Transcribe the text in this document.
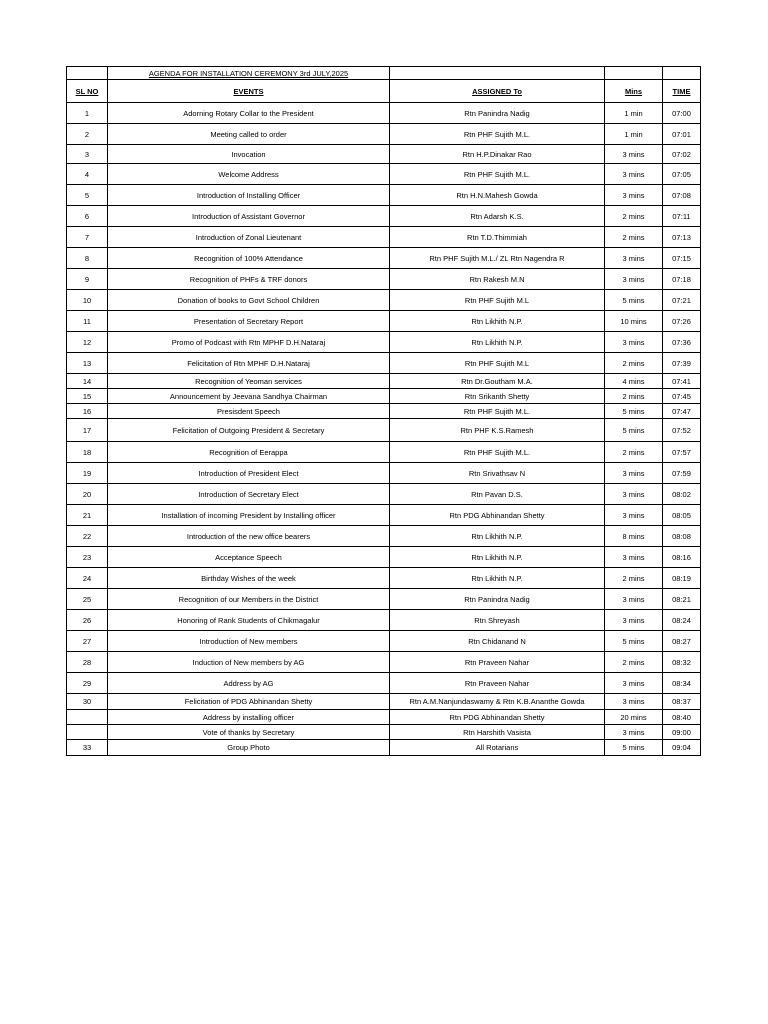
	AGENDA FOR INSTALLATION CEREMONY 3rd JULY,2025			
SL NO	EVENTS	ASSIGNED To	Mins	TIME
1	Adorning Rotary Collar to the President	Rtn Panindra Nadig	1 min	07:00
2	Meeting called to order	Rtn PHF Sujith M.L.	1 min	07:01
3	Invocation	Rtn H.P.Dinakar Rao	3 mins	07:02
4	Welcome Address	Rtn PHF Sujith M.L.	3 mins	07:05
5	Introduction of Installing Officer	Rtn H.N.Mahesh Gowda	3 mins	07:08
6	Introduction of Assistant Governor	Rtn Adarsh K.S.	2 mins	07:11
7	Introduction of Zonal Lieutenant	Rtn T.D.Thimmiah	2 mins	07:13
8	Recognition of 100% Attendance	Rtn PHF Sujith M.L./ ZL Rtn Nagendra R	3 mins	07:15
9	Recognition of PHFs & TRF donors	Rtn Rakesh M.N	3 mins	07:18
10	Donation of books to Govt School Children	Rtn PHF Sujith M.L	5 mins	07:21
11	Presentation of Secretary Report	Rtn Likhith N.P.	10 mins	07:26
12	Promo of Podcast with Rtn MPHF D.H.Nataraj	Rtn Likhith N.P.	3 mins	07:36
13	Felicitation of Rtn MPHF D.H.Nataraj	Rtn PHF Sujith M.L	2 mins	07:39
14	Recognition of Yeoman services	Rtn Dr.Goutham M.A.	4 mins	07:41
15	Announcement by Jeevana Sandhya Chairman	Rtn Srikanth Shetty	2 mins	07:45
16	Presisdent Speech	Rtn PHF Sujith M.L.	5 mins	07:47
17	Felicitation of Outgoing President & Secretary	Rtn PHF K.S.Ramesh	5 mins	07:52
18	Recognition of Eerappa	Rtn PHF Sujith M.L.	2 mins	07:57
19	Introduction of President Elect	Rtn Srivathsav N	3 mins	07:59
20	Introduction of Secretary Elect	Rtn Pavan D.S.	3 mins	08:02
21	Installation of incoming President by Installing officer	Rtn PDG Abhinandan Shetty	3 mins	08:05
22	Introduction of the new office bearers	Rtn Likhith N.P.	8 mins	08:08
23	Acceptance Speech	Rtn Likhith N.P.	3 mins	08:16
24	Birthday Wishes of the week	Rtn Likhith N.P.	2 mins	08:19
25	Recognition of our Members in the District	Rtn Panindra Nadig	3 mins	08:21
26	Honoring of Rank Students of Chikmagalur	Rtn Shreyash	3 mins	08:24
27	Introduction of New members	Rtn Chidanand N	5 mins	08:27
28	Induction of New members by AG	Rtn Praveen Nahar	2 mins	08:32
29	Address by AG	Rtn Praveen Nahar	3 mins	08:34
30	Felicitation of PDG Abhinandan Shetty	Rtn A.M.Nanjundaswamy & Rtn K.B.Ananthe Gowda	3 mins	08:37
	Address by installing officer	Rtn PDG Abhinandan Shetty	20 mins	08:40
	Vote of thanks by Secretary	Rtn Harshith Vasista	3 mins	09:00
33	Group Photo	All Rotarians	5 mins	09:04
